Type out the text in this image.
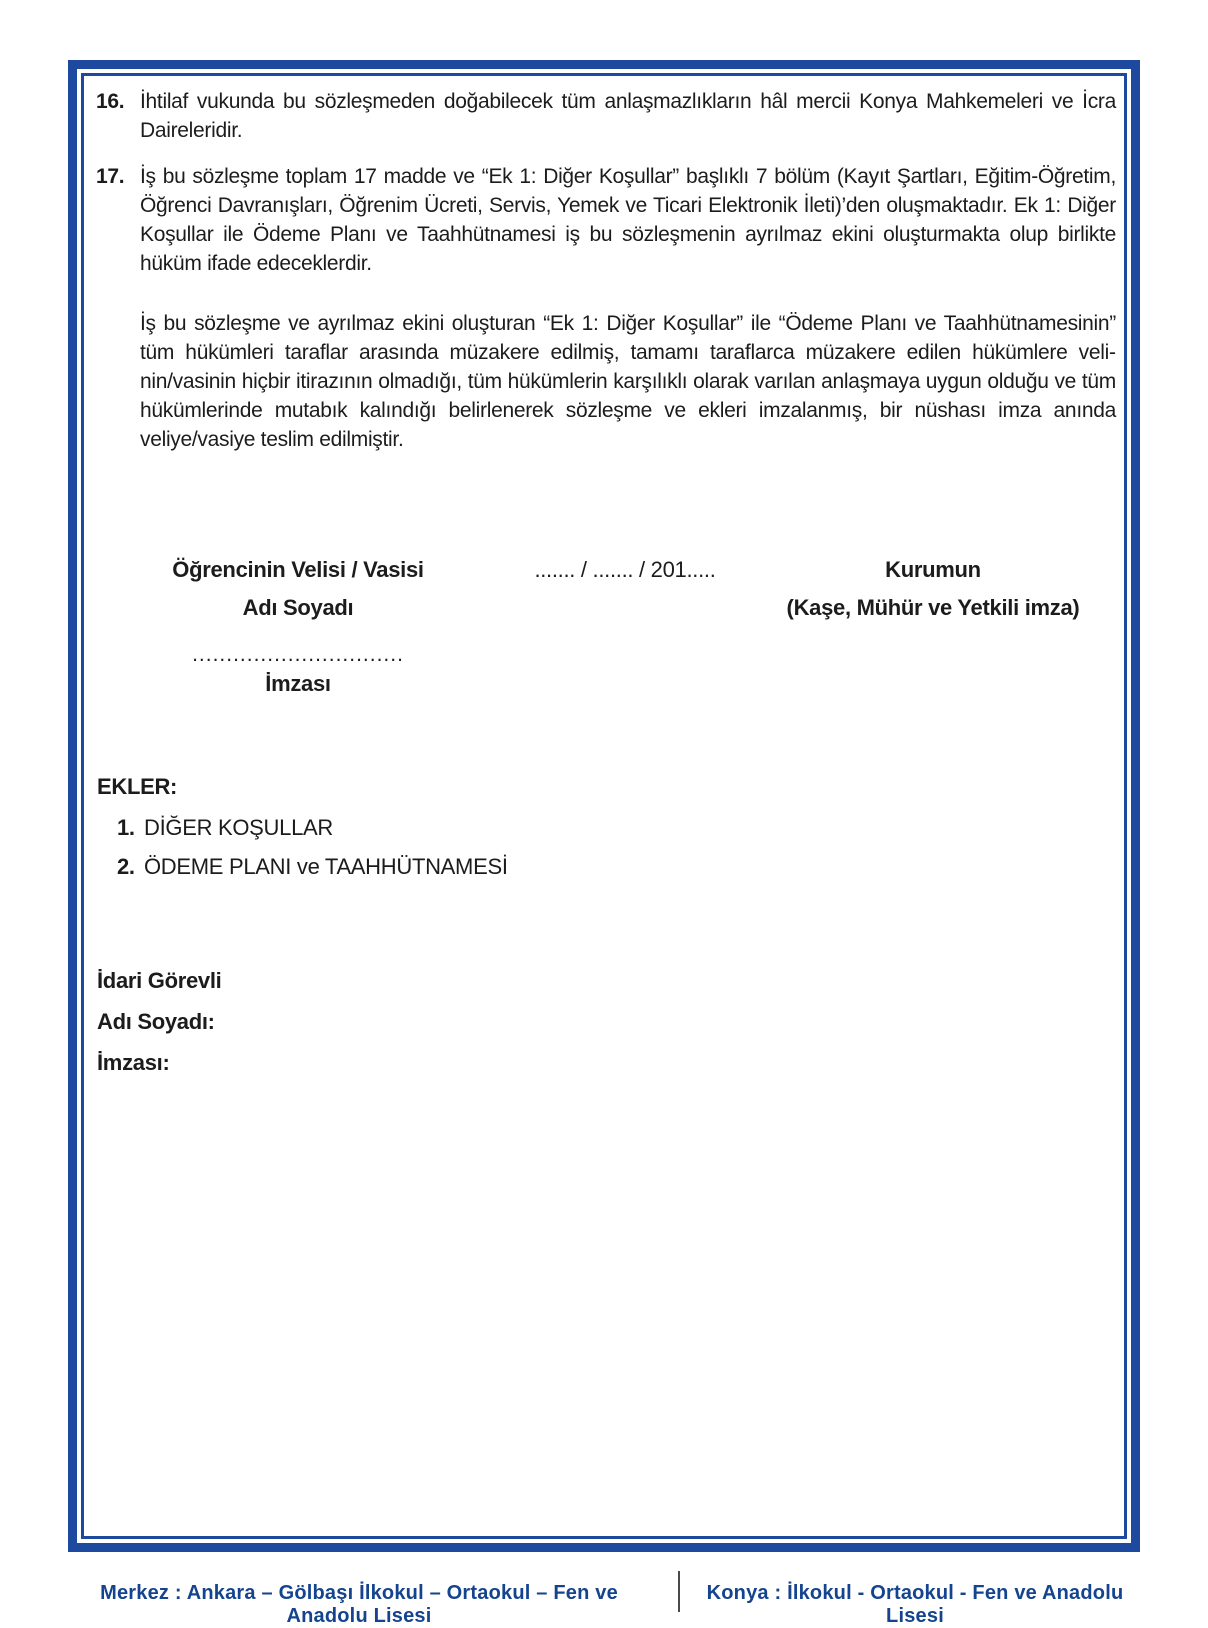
16. İhtilaf vukunda bu sözleşmeden doğabilecek tüm anlaşmazlıkların hâl mercii Konya Mahkemeleri ve İcra Daireleridir.
17. İş bu sözleşme toplam 17 madde ve “Ek 1: Diğer Koşullar” başlıklı 7 bölüm (Kayıt Şartları, Eğitim-Öğretim, Öğrenci Davranışları, Öğrenim Ücreti, Servis, Yemek ve Ticari Elektronik İleti)’den oluşmaktadır. Ek 1: Diğer Koşullar ile Ödeme Planı ve Taahhütnamesi iş bu sözleşmenin ayrılmaz ekini oluşturmakta olup birlikte hüküm ifade edeceklerdir.
İş bu sözleşme ve ayrılmaz ekini oluşturan “Ek 1: Diğer Koşullar” ile “Ödeme Planı ve Taahhütnamesinin” tüm hükümleri taraflar arasında müzakere edilmiş, tamamı taraflarca müzakere edilen hükümlere velinin/vasinin hiçbir itirazının olmadığı, tüm hükümlerin karşılıklı olarak varılan anlaşmaya uygun olduğu ve tüm hükümlerinde mutabık kalındığı belirlenerek sözleşme ve ekleri imzalanmış, bir nüshası imza anında veliye/vasiye teslim edilmiştir.
Öğrencinin Velisi / Vasisi
Adı Soyadı
...............................
İmzası
....... / ....... / 201.....	Kurumun
(Kaşe, Mühür ve Yetkili imza)
EKLER:
1. DİĞER KOŞULLAR
2. ÖDEME PLANI ve TAAHHÜTNAMESİ
İdari Görevli
Adı Soyadı:
İmzası:
Merkez : Ankara – Gölbaşı İlkokul – Ortaokul – Fen ve Anadolu Lisesi
Konya : İlkokul - Ortaokul - Fen ve Anadolu Lisesi
